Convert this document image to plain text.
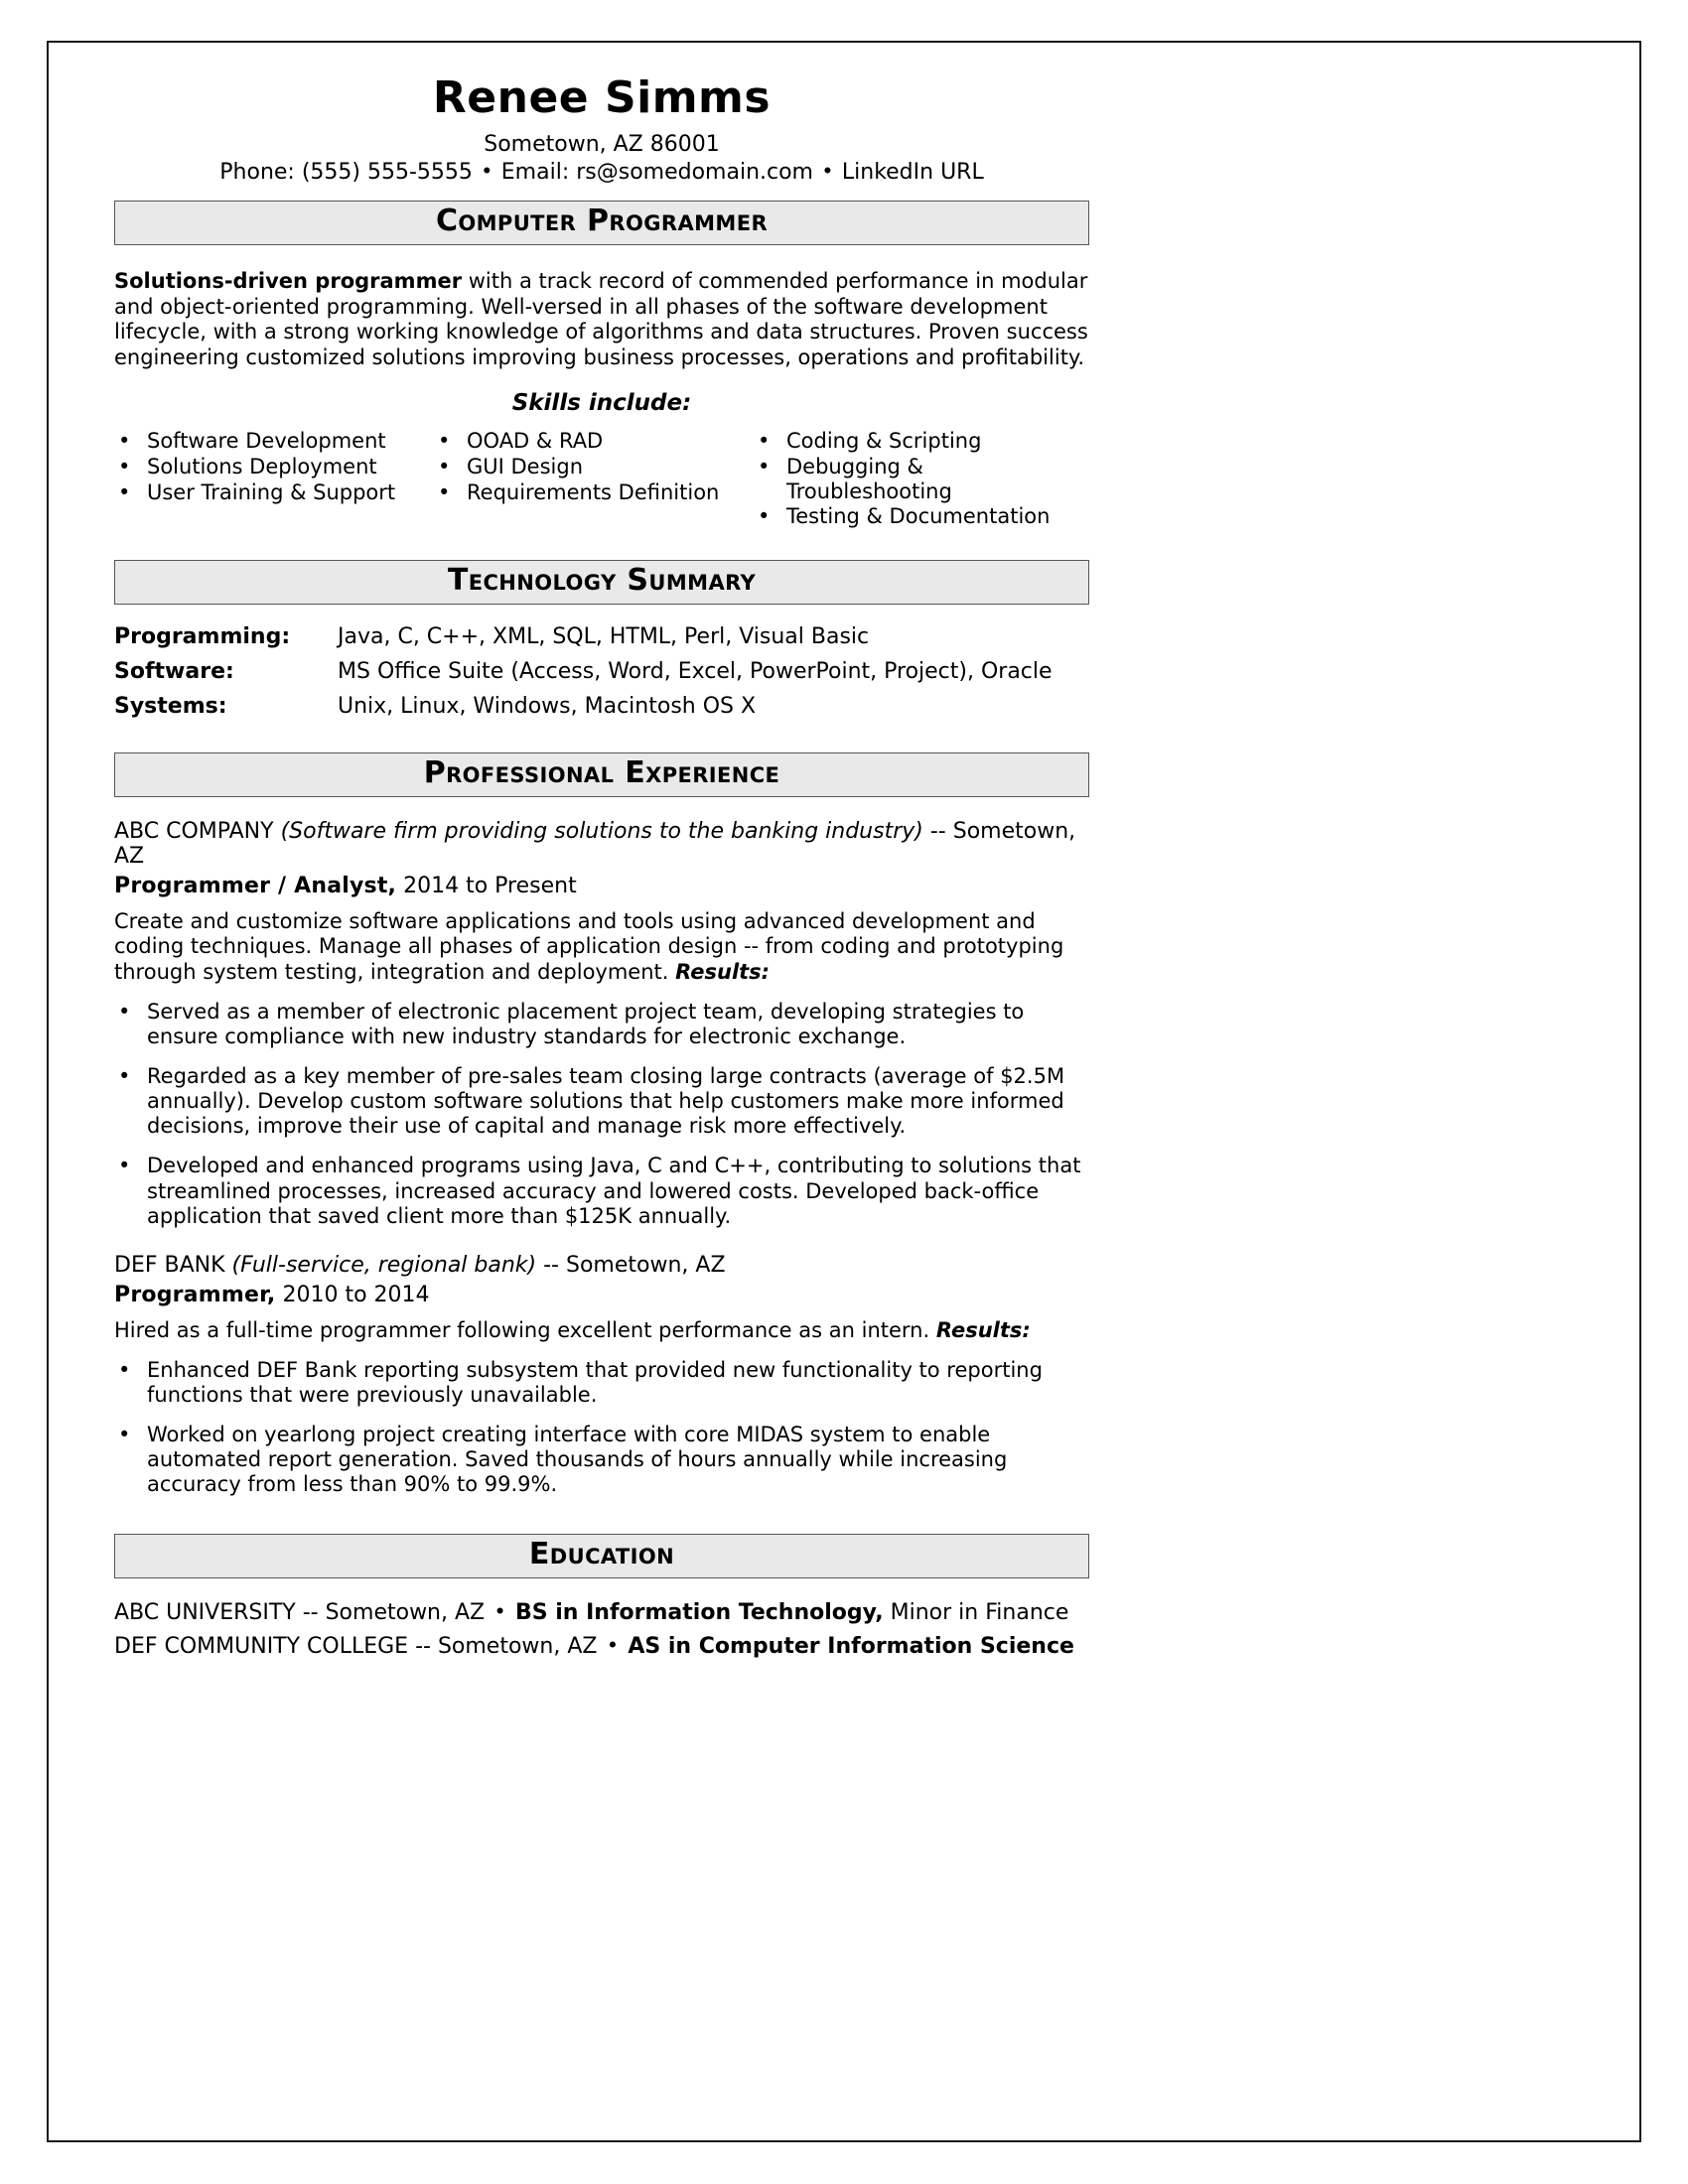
Renee Simms
Sometown, AZ 86001
Phone: (555) 555-5555 • Email: rs@somedomain.com • LinkedIn URL
Computer Programmer

Solutions-driven programmer with a track record of commended performance in modular and object-oriented programming. Well-versed in all phases of the software development lifecycle, with a strong working knowledge of algorithms and data structures. Proven success engineering customized solutions improving business processes, operations and profitability.

Skills include:
• Software Development
• Solutions Deployment
• User Training & Support
• OOAD & RAD
• GUI Design
• Requirements Definition
• Coding & Scripting
• Debugging & Troubleshooting
• Testing & Documentation
Technology Summary
Programming:	Java, C, C++, XML, SQL, HTML, Perl, Visual Basic
Software:	MS Office Suite (Access, Word, Excel, PowerPoint, Project), Oracle
Systems:	Unix, Linux, Windows, Macintosh OS X
Professional Experience
ABC COMPANY (Software firm providing solutions to the banking industry) -- Sometown, AZ
Programmer / Analyst, 2014 to Present

Create and customize software applications and tools using advanced development and coding techniques. Manage all phases of application design -- from coding and prototyping through system testing, integration and deployment. Results:

• Served as a member of electronic placement project team, developing strategies to ensure compliance with new industry standards for electronic exchange.
• Regarded as a key member of pre-sales team closing large contracts (average of $2.5M annually). Develop custom software solutions that help customers make more informed decisions, improve their use of capital and manage risk more effectively.
• Developed and enhanced programs using Java, C and C++, contributing to solutions that streamlined processes, increased accuracy and lowered costs. Developed back-office application that saved client more than $125K annually.
DEF BANK (Full-service, regional bank) -- Sometown, AZ
Programmer, 2010 to 2014

Hired as a full-time programmer following excellent performance as an intern. Results:

• Enhanced DEF Bank reporting subsystem that provided new functionality to reporting functions that were previously unavailable.
• Worked on yearlong project creating interface with core MIDAS system to enable automated report generation. Saved thousands of hours annually while increasing accuracy from less than 90% to 99.9%.
Education
ABC UNIVERSITY -- Sometown, AZ • BS in Information Technology, Minor in Finance
DEF COMMUNITY COLLEGE -- Sometown, AZ • AS in Computer Information Science
